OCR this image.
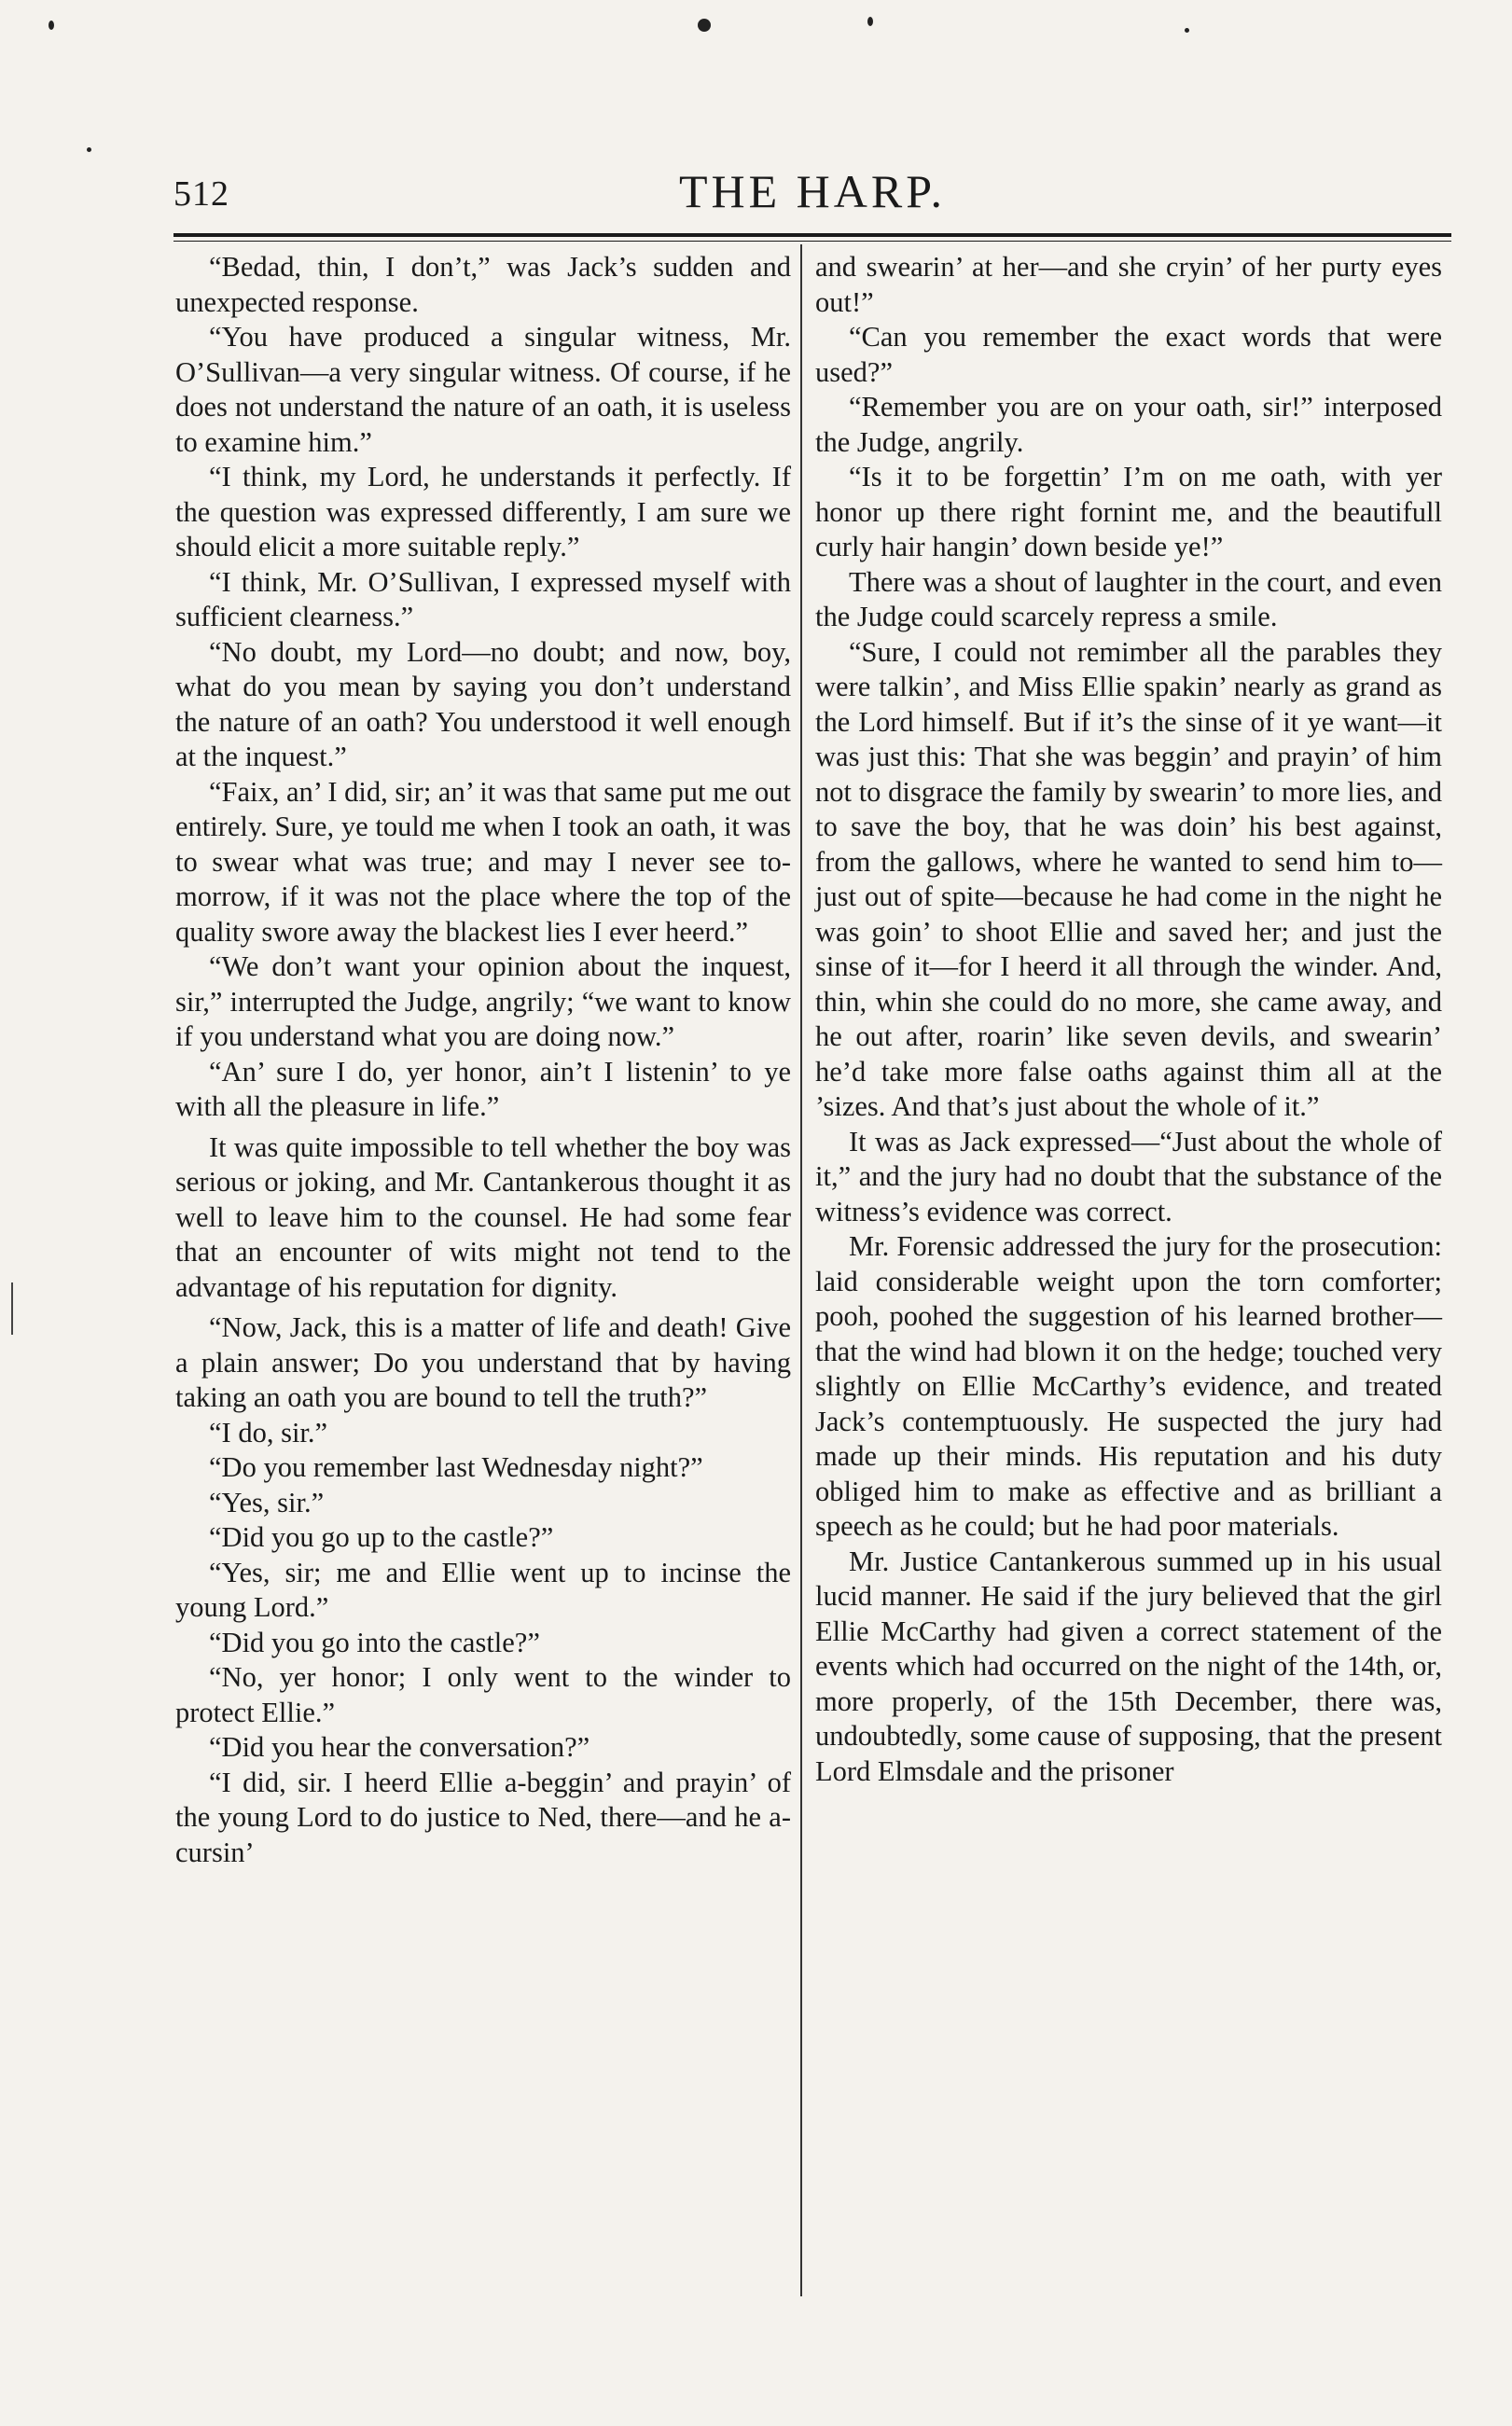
512	THE HARP.

“Bedad, thin, I don’t,” was Jack’s sudden and unexpected response.

“You have produced a singular witness, Mr. O’Sullivan—a very singular witness. Of course, if he does not understand the nature of an oath, it is useless to examine him.”

“I think, my Lord, he understands it perfectly. If the question was expressed differently, I am sure we should elicit a more suitable reply.”

“I think, Mr. O’Sullivan, I expressed myself with sufficient clearness.”

“No doubt, my Lord—no doubt; and now, boy, what do you mean by saying you don’t understand the nature of an oath? You understood it well enough at the inquest.”

“Faix, an’ I did, sir; an’ it was that same put me out entirely. Sure, ye tould me when I took an oath, it was to swear what was true; and may I never see to-morrow, if it was not the place where the top of the quality swore away the blackest lies I ever heerd.”

“We don’t want your opinion about the inquest, sir,” interrupted the Judge, angrily; “we want to know if you understand what you are doing now.”

“An’ sure I do, yer honor, ain’t I listenin’ to ye with all the pleasure in life.”

It was quite impossible to tell whether the boy was serious or joking, and Mr. Cantankerous thought it as well to leave him to the counsel. He had some fear that an encounter of wits might not tend to the advantage of his reputation for dignity.

“Now, Jack, this is a matter of life and death! Give a plain answer; Do you understand that by having taking an oath you are bound to tell the truth?”

“I do, sir.”

“Do you remember last Wednesday night?”

“Yes, sir.”

“Did you go up to the castle?”

“Yes, sir; me and Ellie went up to incinse the young Lord.”

“Did you go into the castle?”

“No, yer honor; I only went to the winder to protect Ellie.”

“Did you hear the conversation?”

“I did, sir. I heerd Ellie a-beggin’ and prayin’ of the young Lord to do justice to Ned, there—and he a-cursin’

and swearin’ at her—and she cryin’ of her purty eyes out!”

“Can you remember the exact words that were used?”

“Remember you are on your oath, sir!” interposed the Judge, angrily.

“Is it to be forgettin’ I’m on me oath, with yer honor up there right fornint me, and the beautifull curly hair hangin’ down beside ye!”

There was a shout of laughter in the court, and even the Judge could scarcely repress a smile.

“Sure, I could not remimber all the parables they were talkin’, and Miss Ellie spakin’ nearly as grand as the Lord himself. But if it’s the sinse of it ye want—it was just this: That she was beggin’ and prayin’ of him not to disgrace the family by swearin’ to more lies, and to save the boy, that he was doin’ his best against, from the gallows, where he wanted to send him to—just out of spite—because he had come in the night he was goin’ to shoot Ellie and saved her; and just the sinse of it—for I heerd it all through the winder. And, thin, whin she could do no more, she came away, and he out after, roarin’ like seven devils, and swearin’ he’d take more false oaths against thim all at the ’sizes. And that’s just about the whole of it.”

It was as Jack expressed—“Just about the whole of it,” and the jury had no doubt that the substance of the witness’s evidence was correct.

Mr. Forensic addressed the jury for the prosecution: laid considerable weight upon the torn comforter; pooh, poohed the suggestion of his learned brother—that the wind had blown it on the hedge; touched very slightly on Ellie McCarthy’s evidence, and treated Jack’s contemptuously. He suspected the jury had made up their minds. His reputation and his duty obliged him to make as effective and as brilliant a speech as he could; but he had poor materials.

Mr. Justice Cantankerous summed up in his usual lucid manner. He said if the jury believed that the girl Ellie McCarthy had given a correct statement of the events which had occurred on the night of the 14th, or, more properly, of the 15th December, there was, undoubtedly, some cause of supposing, that the present Lord Elmsdale and the prisoner
